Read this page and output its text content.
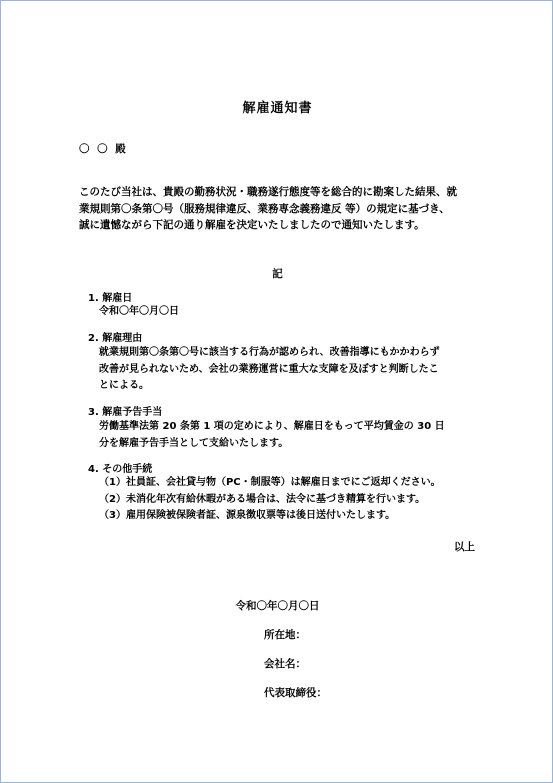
解雇通知書
〇 〇 殿
このたび当社は、貴殿の勤務状況・職務遂行態度等を総合的に勘案した結果、就
業規則第〇条第〇号（服務規律違反、業務専念義務違反 等）の規定に基づき、
誠に遺憾ながら下記の通り解雇を決定いたしましたので通知いたします。
記
1. 解雇日
令和〇年〇月〇日
2. 解雇理由
就業規則第〇条第〇号に該当する行為が認められ、改善指導にもかかわらず
改善が見られないため、会社の業務運営に重大な支障を及ぼすと判断したこ
とによる。
3. 解雇予告手当
労働基準法第 20 条第 1 項の定めにより、解雇日をもって平均賃金の 30 日
分を解雇予告手当として支給いたします。
4. その他手続
（1）社員証、会社貸与物（PC・制服等）は解雇日までにご返却ください。
（2）未消化年次有給休暇がある場合は、法令に基づき精算を行います。
（3）雇用保険被保険者証、源泉徴収票等は後日送付いたします。
以上
令和〇年〇月〇日
所在地：
会社名：
代表取締役：
